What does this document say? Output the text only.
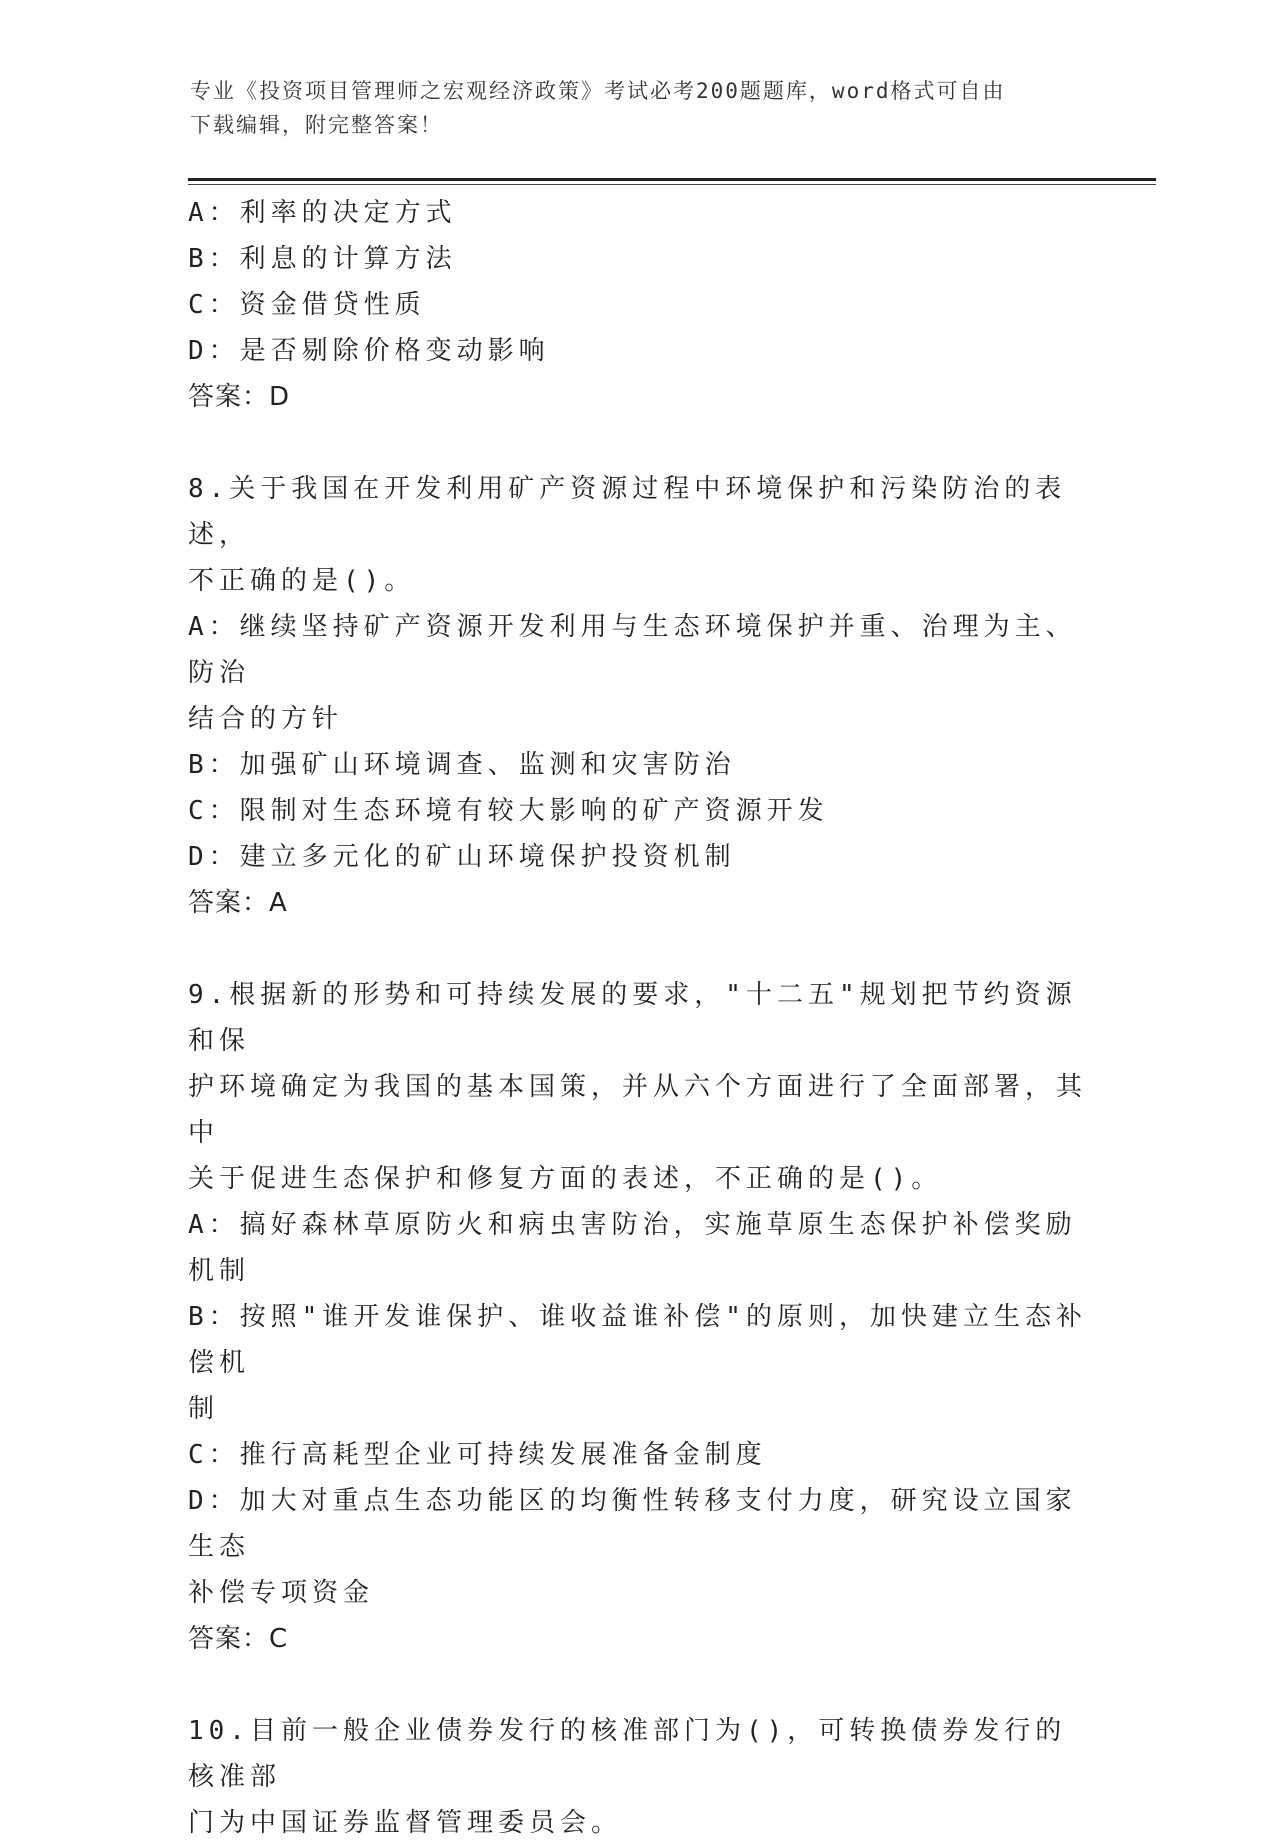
专业《投资项目管理师之宏观经济政策》考试必考200题题库，word格式可自由
下载编辑，附完整答案！
A：利率的决定方式
B：利息的计算方法
C：资金借贷性质
D：是否剔除价格变动影响
答案：D
8.关于我国在开发利用矿产资源过程中环境保护和污染防治的表述，
不正确的是()。
A：继续坚持矿产资源开发利用与生态环境保护并重、治理为主、防治
结合的方针
B：加强矿山环境调查、监测和灾害防治
C：限制对生态环境有较大影响的矿产资源开发
D：建立多元化的矿山环境保护投资机制
答案：A
9.根据新的形势和可持续发展的要求，"十二五"规划把节约资源和保
护环境确定为我国的基本国策，并从六个方面进行了全面部署，其中
关于促进生态保护和修复方面的表述，不正确的是()。
A：搞好森林草原防火和病虫害防治，实施草原生态保护补偿奖励机制
B：按照"谁开发谁保护、谁收益谁补偿"的原则，加快建立生态补偿机
制
C：推行高耗型企业可持续发展准备金制度
D：加大对重点生态功能区的均衡性转移支付力度，研究设立国家生态
补偿专项资金
答案：C
10.目前一般企业债券发行的核准部门为()，可转换债券发行的核准部
门为中国证券监督管理委员会。
